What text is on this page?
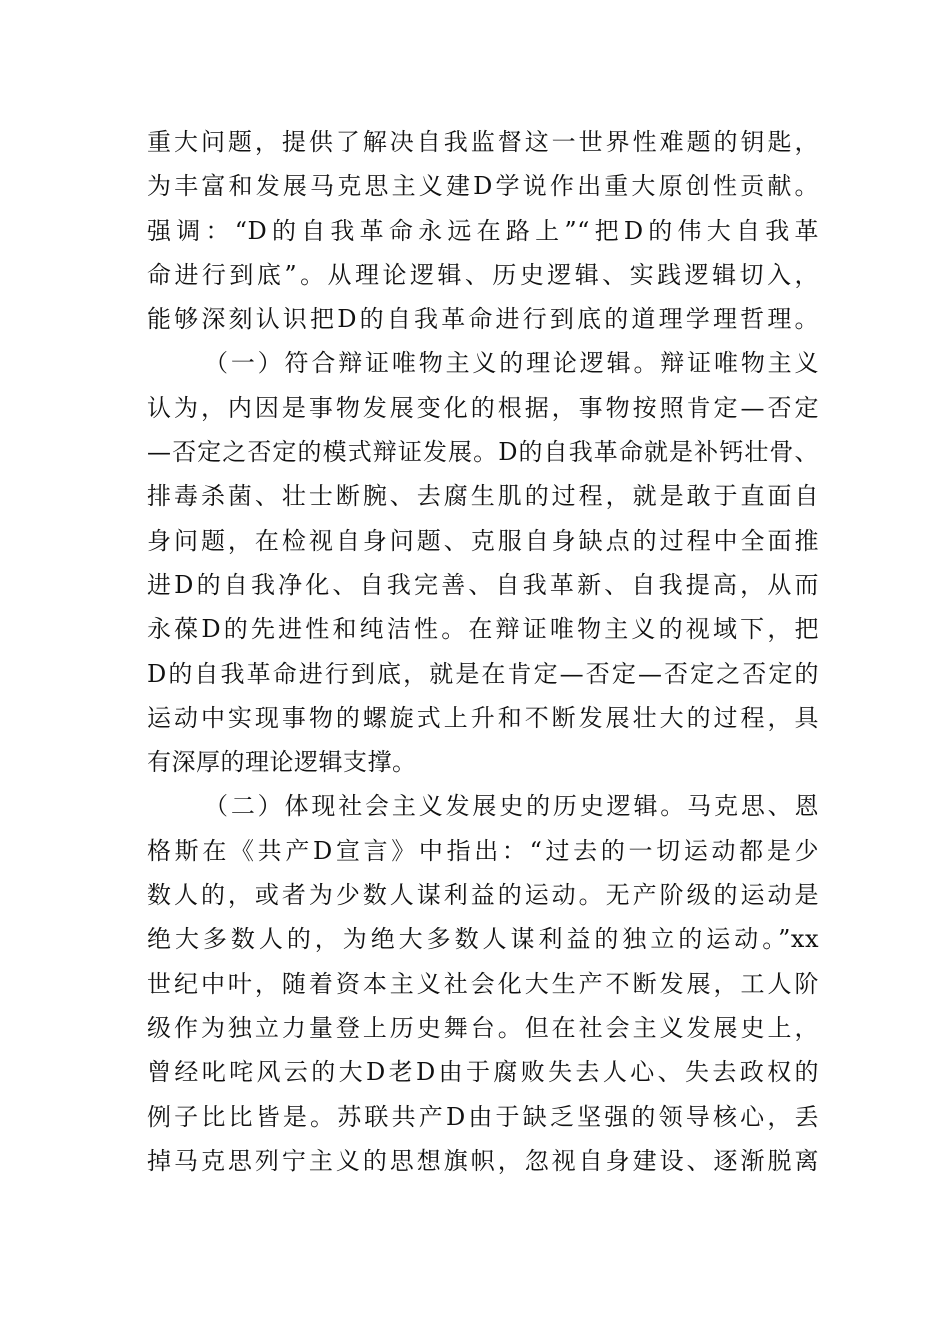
重大问题，提供了解决自我监督这一世界性难题的钥匙，
为丰富和发展马克思主义建D学说作出重大原创性贡献。
强调：“D的自我革命永远在路上”“把D的伟大自我革
命进行到底”。从理论逻辑、历史逻辑、实践逻辑切入，
能够深刻认识把D的自我革命进行到底的道理学理哲理。
（一）符合辩证唯物主义的理论逻辑。辩证唯物主义
认为，内因是事物发展变化的根据，事物按照肯定—否定
—否定之否定的模式辩证发展。D的自我革命就是补钙壮骨、
排毒杀菌、壮士断腕、去腐生肌的过程，就是敢于直面自
身问题，在检视自身问题、克服自身缺点的过程中全面推
进D的自我净化、自我完善、自我革新、自我提高，从而
永葆D的先进性和纯洁性。在辩证唯物主义的视域下，把
D的自我革命进行到底，就是在肯定—否定—否定之否定的
运动中实现事物的螺旋式上升和不断发展壮大的过程，具
有深厚的理论逻辑支撑。
（二）体现社会主义发展史的历史逻辑。马克思、恩
格斯在《共产D宣言》中指出：“过去的一切运动都是少
数人的，或者为少数人谋利益的运动。无产阶级的运动是
绝大多数人的，为绝大多数人谋利益的独立的运动。”xx
世纪中叶，随着资本主义社会化大生产不断发展，工人阶
级作为独立力量登上历史舞台。但在社会主义发展史上，
曾经叱咤风云的大D老D由于腐败失去人心、失去政权的
例子比比皆是。苏联共产D由于缺乏坚强的领导核心，丢
掉马克思列宁主义的思想旗帜，忽视自身建设、逐渐脱离
